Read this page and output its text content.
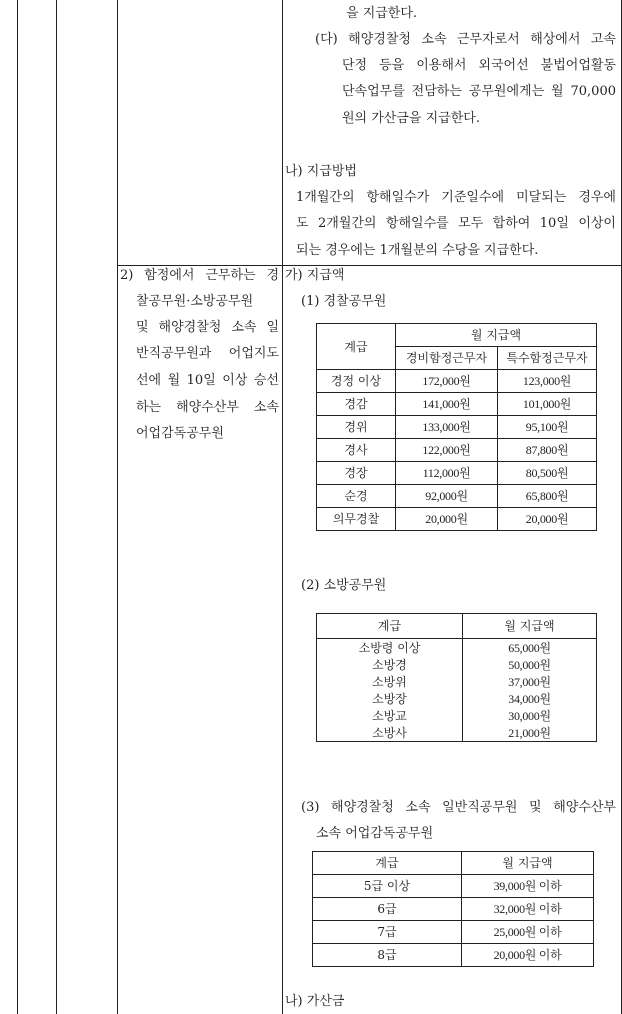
을 지급한다.
(다) 해양경찰청 소속 근무자로서 해상에서 고속
단정 등을 이용해서 외국어선 불법어업활동
단속업무를 전담하는 공무원에게는 월 70,000
원의 가산금을 지급한다.
나) 지급방법
1개월간의 항해일수가 기준일수에 미달되는 경우에
도 2개월간의 항해일수를 모두 합하여 10일 이상이
되는 경우에는 1개월분의 수당을 지급한다.
2) 함정에서 근무하는 경
찰공무원·소방공무원
및 해양경찰청 소속 일
반직공무원과 어업지도
선에 월 10일 이상 승선
하는 해양수산부 소속
어업감독공무원
가) 지급액
(1) 경찰공무원
계급	월 지급액	
	경비함정근무자	특수함정근무자
경정 이상	172,000원	123,000원
경감	141,000원	101,000원
경위	133,000원	95,100원
경사	122,000원	87,800원
경장	112,000원	80,500원
순경	92,000원	65,800원
의무경찰	20,000원	20,000원
(2) 소방공무원
계급	월 지급액
소방령 이상	65,000원
소방경	50,000원
소방위	37,000원
소방장	34,000원
소방교	30,000원
소방사	21,000원
(3) 해양경찰청 소속 일반직공무원 및 해양수산부
소속 어업감독공무원
계급	월 지급액
5급 이상	39,000원 이하
6급	32,000원 이하
7급	25,000원 이하
8급	20,000원 이하
나) 가산금
